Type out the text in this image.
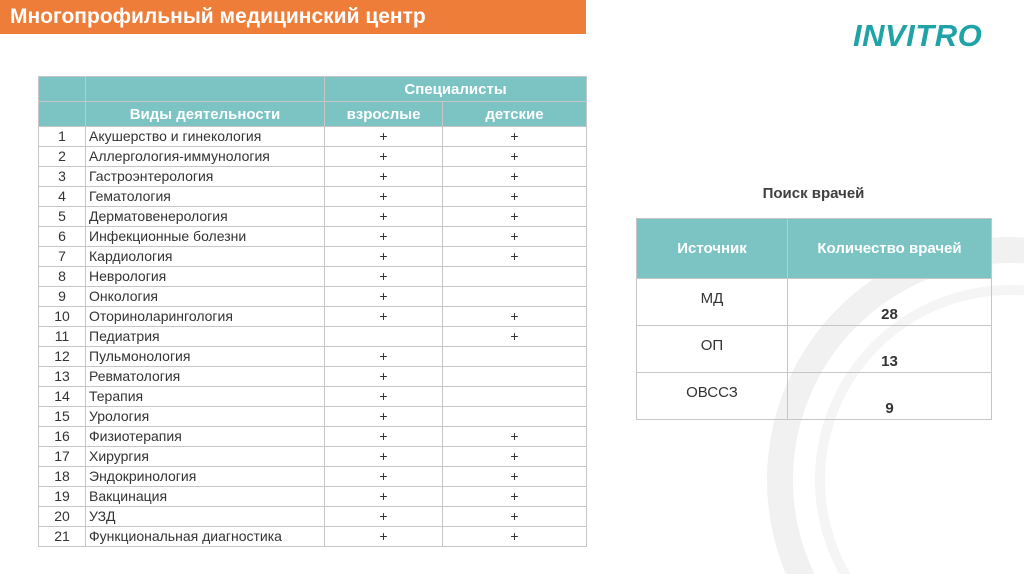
Многопрофильный медицинский центр
INVITRO
		Специалисты	
	Виды деятельности	взрослые	детские
1	Акушерство и гинекология	+	+
2	Аллергология-иммунология	+	+
3	Гастроэнтерология	+	+
4	Гематология	+	+
5	Дерматовенерология	+	+
6	Инфекционные болезни	+	+
7	Кардиология	+	+
8	Неврология	+	
9	Онкология	+	
10	Оториноларингология	+	+
11	Педиатрия		+
12	Пульмонология	+	
13	Ревматология	+	
14	Терапия	+	
15	Урология	+	
16	Физиотерапия	+	+
17	Хирургия	+	+
18	Эндокринология	+	+
19	Вакцинация	+	+
20	УЗД	+	+
21	Функциональная диагностика	+	+
Поиск врачей
Источник	Количество врачей
МД	28
ОП	13
ОВССЗ	9
